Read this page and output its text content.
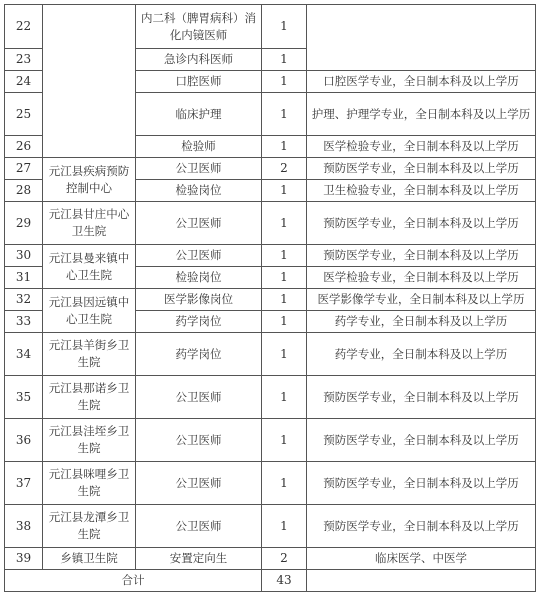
22		内二科（脾胃病科）消化内镜医师	1	
23		急诊内科医师	1	
24		口腔医师	1	口腔医学专业，全日制本科及以上学历
25		临床护理	1	护理、护理学专业，全日制本科及以上学历
26		检验师	1	医学检验专业，全日制本科及以上学历
27	元江县疾病预防控制中心	公卫医师	2	预防医学专业，全日制本科及以上学历
28		检验岗位	1	卫生检验专业，全日制本科及以上学历
29	元江县甘庄中心卫生院	公卫医师	1	预防医学专业，全日制本科及以上学历
30	元江县曼来镇中心卫生院	公卫医师	1	预防医学专业，全日制本科及以上学历
31		检验岗位	1	医学检验专业，全日制本科及以上学历
32	元江县因远镇中心卫生院	医学影像岗位	1	医学影像学专业，全日制本科及以上学历
33		药学岗位	1	药学专业，全日制本科及以上学历
34	元江县羊街乡卫生院	药学岗位	1	药学专业，全日制本科及以上学历
35	元江县那诺乡卫生院	公卫医师	1	预防医学专业，全日制本科及以上学历
36	元江县洼垤乡卫生院	公卫医师	1	预防医学专业，全日制本科及以上学历
37	元江县咪哩乡卫生院	公卫医师	1	预防医学专业，全日制本科及以上学历
38	元江县龙潭乡卫生院	公卫医师	1	预防医学专业，全日制本科及以上学历
39	乡镇卫生院	安置定向生	2	临床医学、中医学
合计			43	
